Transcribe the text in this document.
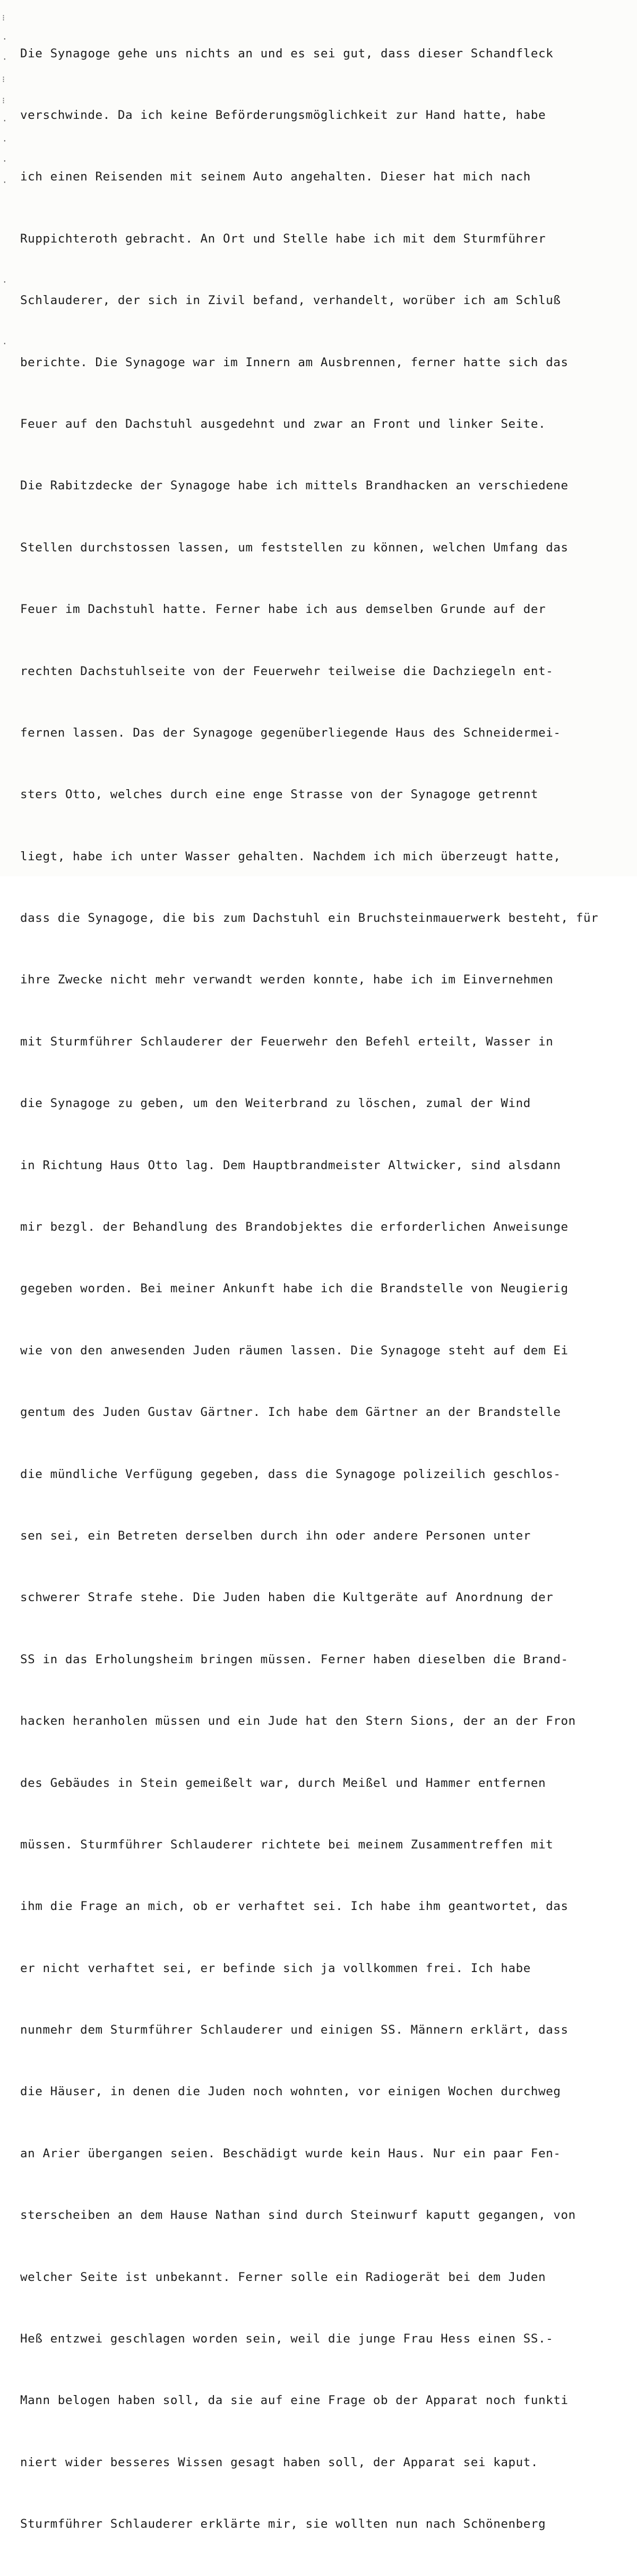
⁝
·
·
⁝
⁝
·
·
·
·
·
·

Die Synagoge gehe uns nichts an und es sei gut, dass dieser Schandfleck

verschwinde. Da ich keine Beförderungsmöglichkeit zur Hand hatte, habe

ich einen Reisenden mit seinem Auto angehalten. Dieser hat mich nach

Ruppichteroth gebracht. An Ort und Stelle habe ich mit dem Sturmführer

Schlauderer, der sich in Zivil befand, verhandelt, worüber ich am Schluß

berichte. Die Synagoge war im Innern am Ausbrennen, ferner hatte sich das

Feuer auf den Dachstuhl ausgedehnt und zwar an Front und linker Seite.

Die Rabitzdecke der Synagoge habe ich mittels Brandhacken an verschiedene

Stellen durchstossen lassen, um feststellen zu können, welchen Umfang das

Feuer im Dachstuhl hatte. Ferner habe ich aus demselben Grunde auf der

rechten Dachstuhlseite von der Feuerwehr teilweise die Dachziegeln ent-

fernen lassen. Das der Synagoge gegenüberliegende Haus des Schneidermei-

sters Otto, welches durch eine enge Strasse von der Synagoge getrennt

liegt, habe ich unter Wasser gehalten. Nachdem ich mich überzeugt hatte,

dass die Synagoge, die bis zum Dachstuhl ein Bruchsteinmauerwerk besteht, für

ihre Zwecke nicht mehr verwandt werden konnte, habe ich im Einvernehmen

mit Sturmführer Schlauderer der Feuerwehr den Befehl erteilt, Wasser in

die Synagoge zu geben, um den Weiterbrand zu löschen, zumal der Wind

in Richtung Haus Otto lag. Dem Hauptbrandmeister Altwicker, sind alsdann

mir bezgl. der Behandlung des Brandobjektes die erforderlichen Anweisunge

gegeben worden. Bei meiner Ankunft habe ich die Brandstelle von Neugierig

wie von den anwesenden Juden räumen lassen. Die Synagoge steht auf dem Ei

gentum des Juden Gustav Gärtner. Ich habe dem Gärtner an der Brandstelle

die mündliche Verfügung gegeben, dass die Synagoge polizeilich geschlos-

sen sei, ein Betreten derselben durch ihn oder andere Personen unter

schwerer Strafe stehe. Die Juden haben die Kultgeräte auf Anordnung der

SS in das Erholungsheim bringen müssen. Ferner haben dieselben die Brand-

hacken heranholen müssen und ein Jude hat den Stern Sions, der an der Fron

des Gebäudes in Stein gemeißelt war, durch Meißel und Hammer entfernen

müssen. Sturmführer Schlauderer richtete bei meinem Zusammentreffen mit

ihm die Frage an mich, ob er verhaftet sei. Ich habe ihm geantwortet, das

er nicht verhaftet sei, er befinde sich ja vollkommen frei. Ich habe

nunmehr dem Sturmführer Schlauderer und einigen SS. Männern erklärt, dass

die Häuser, in denen die Juden noch wohnten, vor einigen Wochen durchweg

an Arier übergangen seien. Beschädigt wurde kein Haus. Nur ein paar Fen-

sterscheiben an dem Hause Nathan sind durch Steinwurf kaputt gegangen, von

welcher Seite ist unbekannt. Ferner solle ein Radiogerät bei dem Juden

Heß entzwei geschlagen worden sein, weil die junge Frau Hess einen SS.-

Mann belogen haben soll, da sie auf eine Frage ob der Apparat noch funkti

niert wider besseres Wissen gesagt haben soll, der Apparat sei kaput.

Sturmführer Schlauderer erklärte mir, sie wollten nun nach Schönenberg
